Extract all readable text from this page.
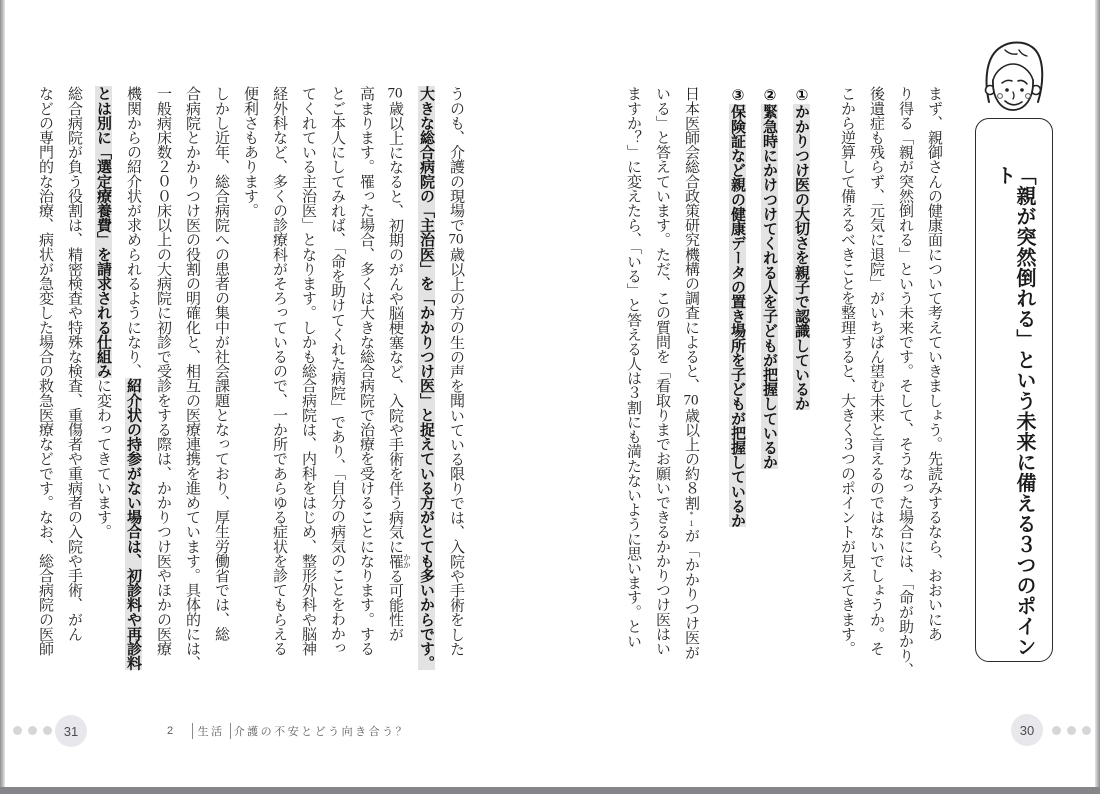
「親が突然倒れる」という未来に備える３つのポイント

まず、親御さんの健康面について考えていきましょう。先読みするなら、おおいにあ

り得る「親が突然倒れる」という未来です。そして、そうなった場合には、「命が助かり、

後遺症も残らず、元気に退院」がいちばん望む未来と言えるのではないでしょうか。そ

こから逆算して備えるべきことを整理すると、大きく３つのポイントが見えてきます。

①かかりつけ医の大切さを親子で認識しているか

②緊急時にかけつけてくれる人を子どもが把握しているか

③保険証など親の健康データの置き場所を子どもが把握しているか

日本医師会総合政策研究機構の調査によると、70歳以上の約８割*1が「かかりつけ医が

いる」と答えています。ただ、この質問を「看取りまでお願いできるかかりつけ医はい

ますか？」に変えたら、「いる」と答える人は３割にも満たないように思います。とい

うのも、介護の現場で70歳以上の方の生の声を聞いている限りでは、入院や手術をした

大きな総合病院の「主治医」を「かかりつけ医」と捉えている方がとても多いからです。

70歳以上になると、初期のがんや脳梗塞など、入院や手術を伴う病気に罹 かかる可能性が

高まります。罹った場合、多くは大きな総合病院で治療を受けることになります。する

とご本人にしてみれば、「命を助けてくれた病院」であり、「自分の病気のことをわかっ

てくれている主治医」となります。しかも総合病院は、内科をはじめ、整形外科や脳神

経外科など、多くの診療科がそろっているので、一か所であらゆる症状を診てもらえる

便利さもあります。

しかし近年、総合病院への患者の集中が社会課題となっており、厚生労働省では、総

合病院とかかりつけ医の役割の明確化と、相互の医療連携を進めています。具体的には、

一般病床数２００床以上の大病院に初診で受診をする際は、かかりつけ医やほかの医療

機関からの紹介状が求められるようになり、紹介状の持参がない場合は、初診料や再診料

とは別に「選定療養費」を請求される仕組みに変わってきています。

総合病院が負う役割は、精密検査や特殊な検査、重傷者や重病者の入院や手術、がん

などの専門的な治療、病状が急変した場合の救急医療などです。なお、総合病院の医師

31	2	生活 介護の不安とどう向き合う？	30
